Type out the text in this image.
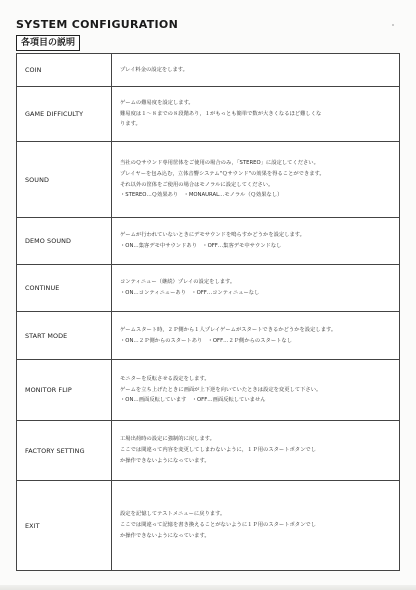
SYSTEM CONFIGURATION
各項目の説明
COIN	プレイ料金の設定をします。

GAME DIFFICULTY	ゲームの難易度を設定します。
難易度は１〜８までの８段階あり，１がもっとも簡単で数が大きくなるほど難しくな
ります。

SOUND	当社のＱサウンド専用筐体をご使用の場合のみ，「STEREO」に設定してください。
プレイヤーを包み込む，立体音響システム"Ｑサウンド"の効果を得ることができます。
それ以外の筐体をご使用の場合はモノラルに設定してください。
・STEREO…Ｑ効果あり　・MONAURAL…モノラル（Ｑ効果なし）

DEMO SOUND	ゲームが行われていないときにデモサウンドを鳴らすかどうかを設定します。
・ON…集客デモ中サウンドあり　・OFF…集客デモ中サウンドなし

CONTINUE	コンティニュー（継続）プレイの設定をします。
・ON…コンティニューあり　・OFF…コンティニューなし

START MODE	ゲームスタート時，２Ｐ側から１人プレイゲームがスタートできるかどうかを設定します。
・ON…２Ｐ側からのスタートあり　・OFF…２Ｐ側からのスタートなし

MONITOR FLIP	モニターを反転させる設定をします。
ゲームを立ち上げたときに画面が上下逆を向いていたときは設定を変更して下さい。
・ON…画面反転しています　・OFF…画面反転していません

FACTORY SETTING	工場出荷時の設定に強制的に戻します。
ここでは間違って内容を変更してしまわないように，１Ｐ用のスタートボタンでし
か操作できないようになっています。

EXIT	設定を記憶してテストメニューに戻ります。
ここでは間違って記憶を書き換えることがないように１Ｐ用のスタートボタンでし
か操作できないようになっています。
